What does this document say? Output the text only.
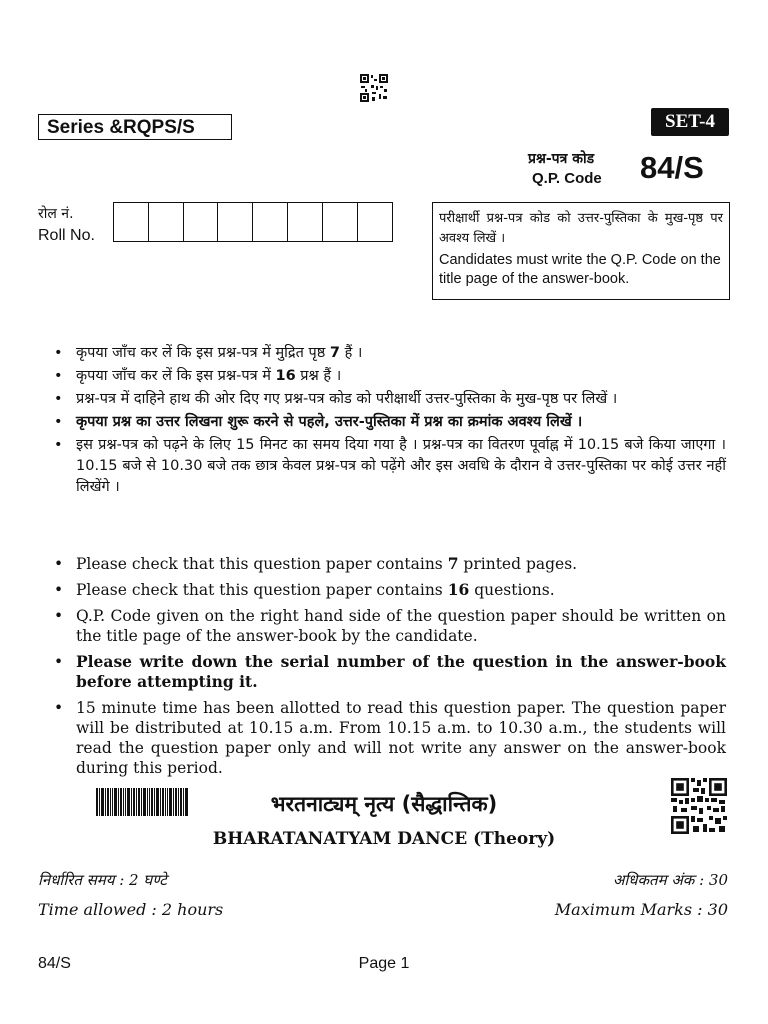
Series &RQPS/S	SET-4
प्रश्न-पत्र कोड
Q.P. Code 84/S
रोल नं.
Roll No.
परीक्षार्थी प्रश्न-पत्र कोड को उत्तर-पुस्तिका के मुख-पृष्ठ पर अवश्य लिखें ।
Candidates must write the Q.P. Code on the title page of the answer-book.
• कृपया जाँच कर लें कि इस प्रश्न-पत्र में मुद्रित पृष्ठ 7 हैं ।
• कृपया जाँच कर लें कि इस प्रश्न-पत्र में 16 प्रश्न हैं ।
• प्रश्न-पत्र में दाहिने हाथ की ओर दिए गए प्रश्न-पत्र कोड को परीक्षार्थी उत्तर-पुस्तिका के मुख-पृष्ठ पर लिखें ।
• कृपया प्रश्न का उत्तर लिखना शुरू करने से पहले, उत्तर-पुस्तिका में प्रश्न का क्रमांक अवश्य लिखें ।
• इस प्रश्न-पत्र को पढ़ने के लिए 15 मिनट का समय दिया गया है । प्रश्न-पत्र का वितरण पूर्वाह्न में 10.15 बजे किया जाएगा । 10.15 बजे से 10.30 बजे तक छात्र केवल प्रश्न-पत्र को पढ़ेंगे और इस अवधि के दौरान वे उत्तर-पुस्तिका पर कोई उत्तर नहीं लिखेंगे ।
• Please check that this question paper contains 7 printed pages.
• Please check that this question paper contains 16 questions.
• Q.P. Code given on the right hand side of the question paper should be written on the title page of the answer-book by the candidate.
• Please write down the serial number of the question in the answer-book before attempting it.
• 15 minute time has been allotted to read this question paper. The question paper will be distributed at 10.15 a.m. From 10.15 a.m. to 10.30 a.m., the students will read the question paper only and will not write any answer on the answer-book during this period.
भरतनाट्यम् नृत्य (सैद्धान्तिक)
BHARATANATYAM DANCE (Theory)
निर्धारित समय : 2 घण्टे	अधिकतम अंक : 30
Time allowed : 2 hours	Maximum Marks : 30
84/S	Page 1
